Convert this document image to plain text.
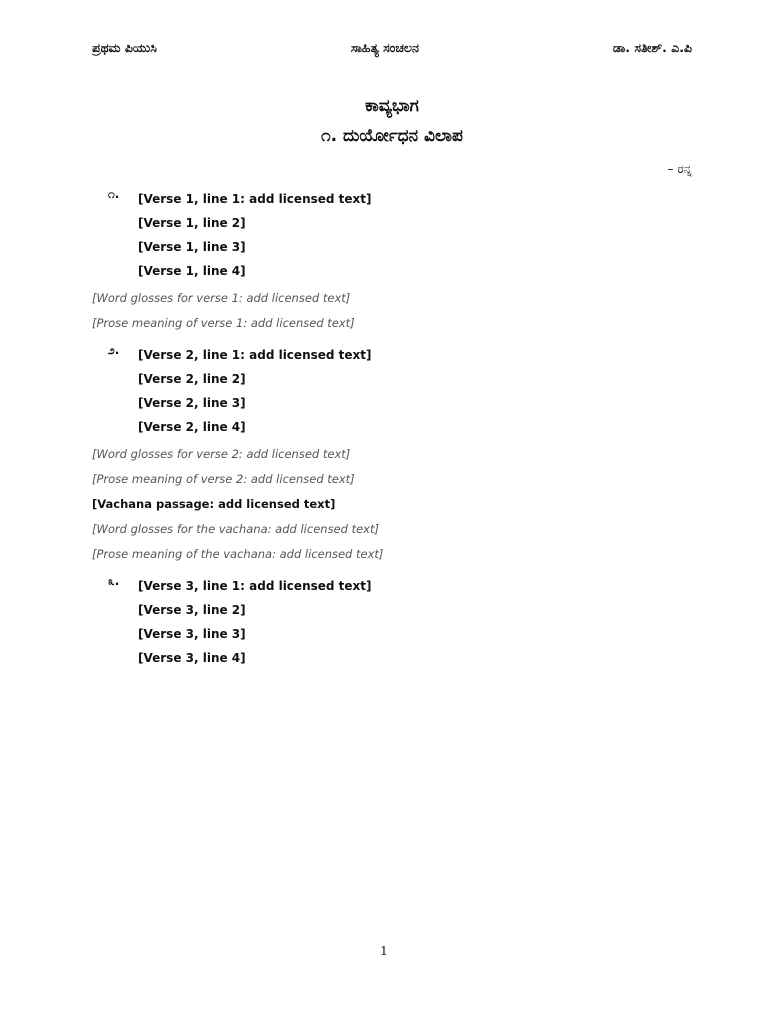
ಪ್ರಥಮ ಪಿಯುಸಿ	ಸಾಹಿತ್ಯ ಸಂಚಲನ	ಡಾ. ಸತೀಶ್. ಎ.ಪಿ
ಕಾವ್ಯಭಾಗ
೧. ದುರ್ಯೋಧನ ವಿಲಾಪ
– ರನ್ನ
೧.	[Verse 1, line 1: add licensed text]
[Verse 1, line 2]
[Verse 1, line 3]
[Verse 1, line 4]
[Word glosses for verse 1: add licensed text]
[Prose meaning of verse 1: add licensed text]
೨.	[Verse 2, line 1: add licensed text]
[Verse 2, line 2]
[Verse 2, line 3]
[Verse 2, line 4]
[Word glosses for verse 2: add licensed text]
[Prose meaning of verse 2: add licensed text]
[Vachana passage: add licensed text]
[Word glosses for the vachana: add licensed text]
[Prose meaning of the vachana: add licensed text]
೩.	[Verse 3, line 1: add licensed text]
[Verse 3, line 2]
[Verse 3, line 3]
[Verse 3, line 4]
1
